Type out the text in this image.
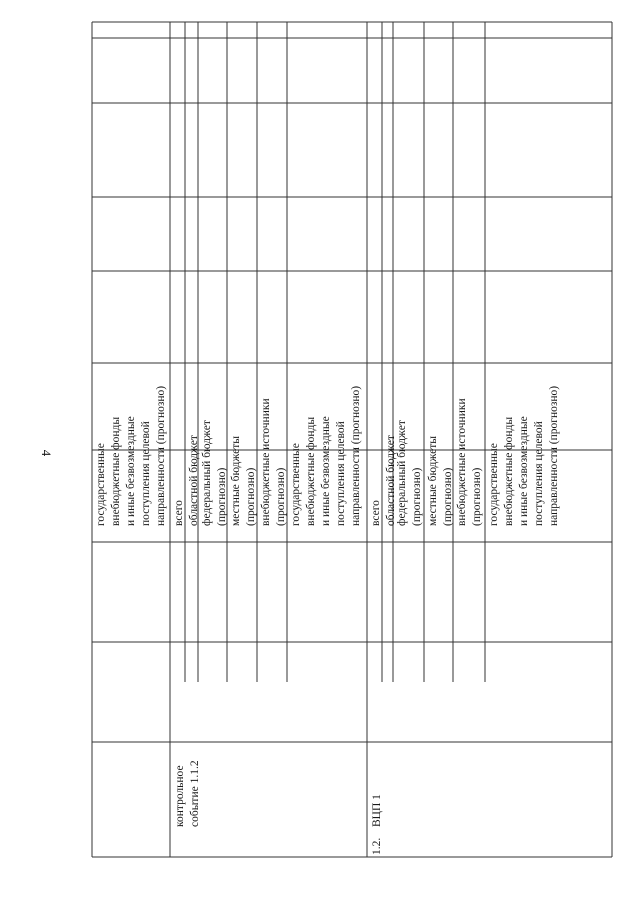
4	государственные
внебюджетные фонды
и иные безвозмездные
поступления целевой
направленности (прогнозно)
всего областной бюджет федеральный бюджет
(прогнозно) местные бюджеты
(прогнозно) внебюджетные источники
(прогнозно) государственные
внебюджетные фонды
и иные безвозмездные
поступления целевой
направленности (прогнозно)
контрольное
событие 1.1.2
всего областной бюджет федеральный бюджет
(прогнозно) местные бюджеты
(прогнозно) внебюджетные источники
(прогнозно) государственные
внебюджетные фонды
и иные безвозмездные
поступления целевой
направленности (прогнозно)
ВЦП 1
1.2.
